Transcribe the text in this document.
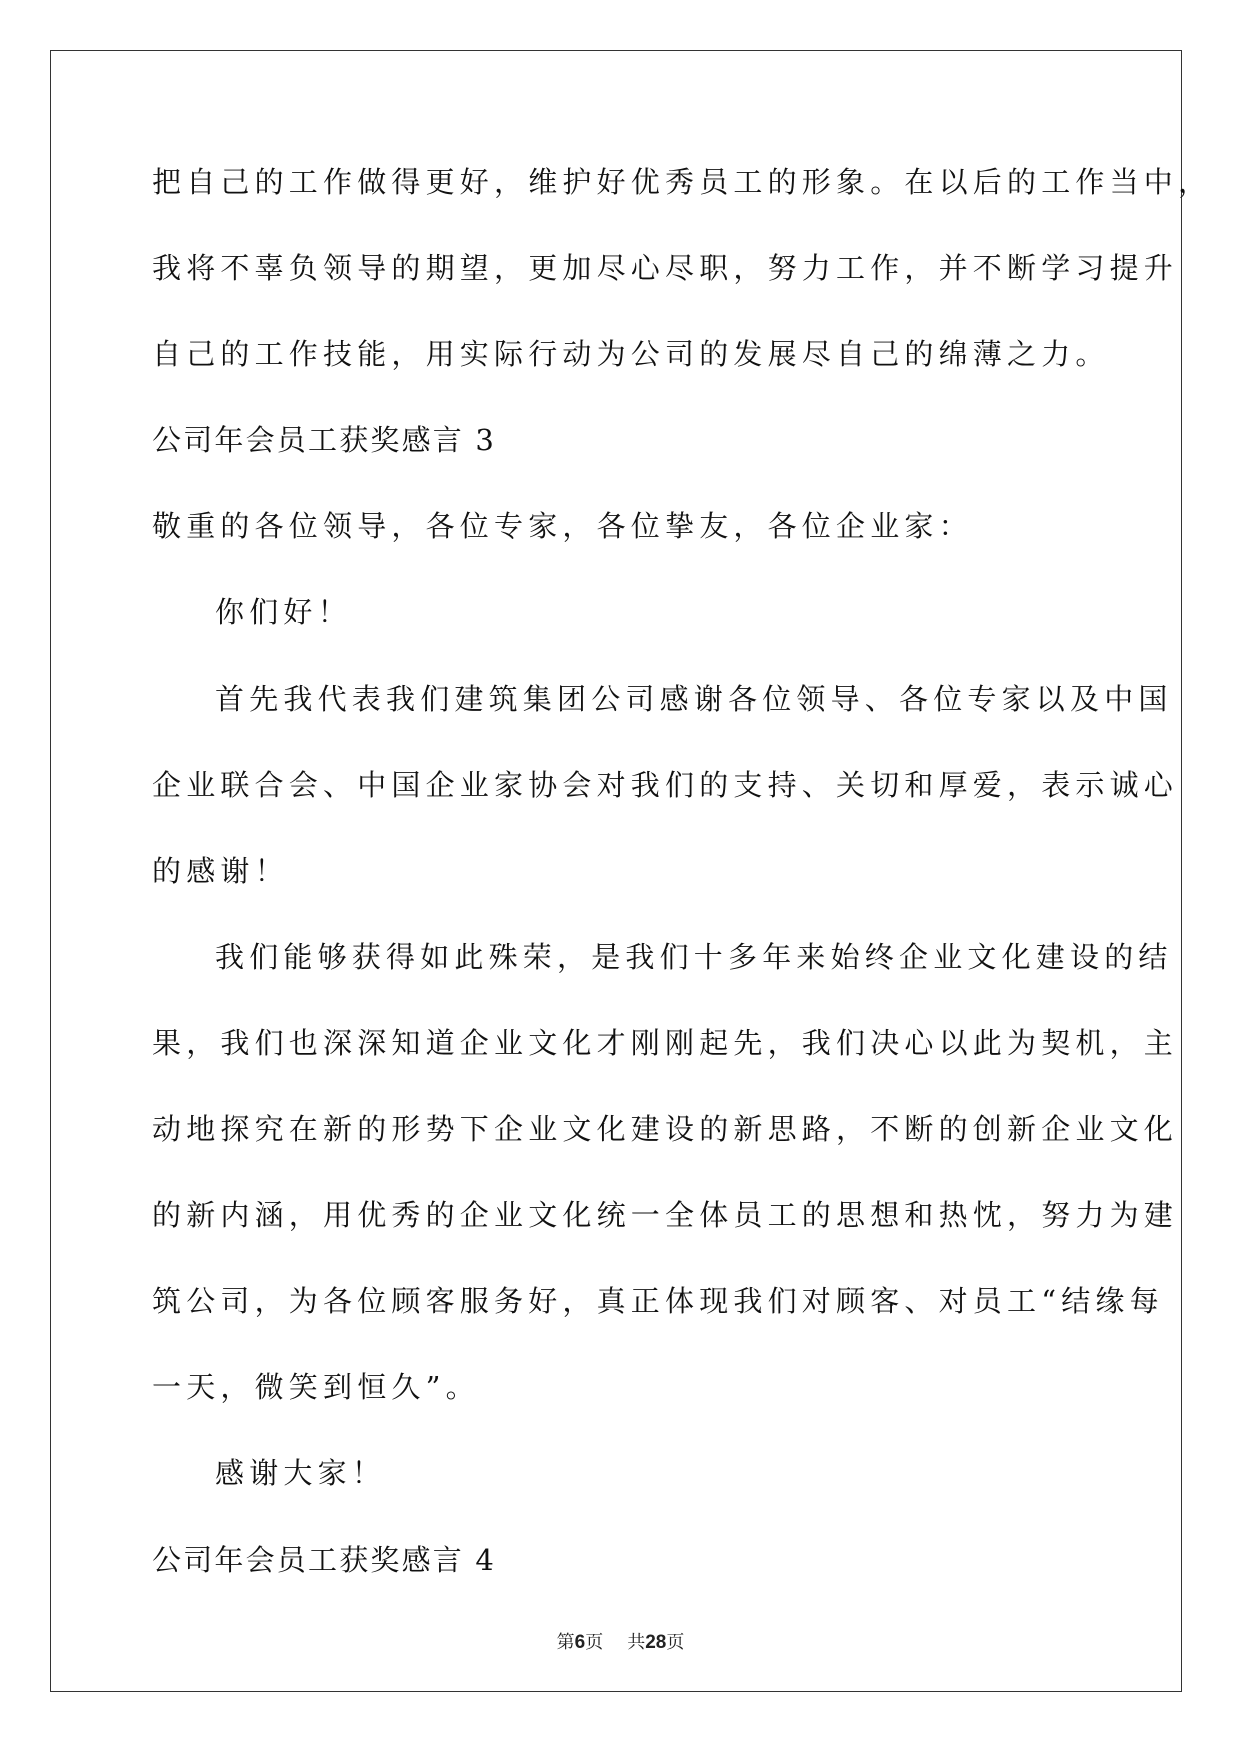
把自己的工作做得更好，维护好优秀员工的形象。在以后的工作当中，
我将不辜负领导的期望，更加尽心尽职，努力工作，并不断学习提升
自己的工作技能，用实际行动为公司的发展尽自己的绵薄之力。
公司年会员工获奖感言 3
敬重的各位领导，各位专家，各位挚友，各位企业家：
你们好！
首先我代表我们建筑集团公司感谢各位领导、各位专家以及中国
企业联合会、中国企业家协会对我们的支持、关切和厚爱，表示诚心
的感谢！
我们能够获得如此殊荣，是我们十多年来始终企业文化建设的结
果，我们也深深知道企业文化才刚刚起先，我们决心以此为契机，主
动地探究在新的形势下企业文化建设的新思路，不断的创新企业文化
的新内涵，用优秀的企业文化统一全体员工的思想和热忱，努力为建
筑公司，为各位顾客服务好，真正体现我们对顾客、对员工“结缘每
一天，微笑到恒久”。
感谢大家！
公司年会员工获奖感言 4
第6页 共28页
